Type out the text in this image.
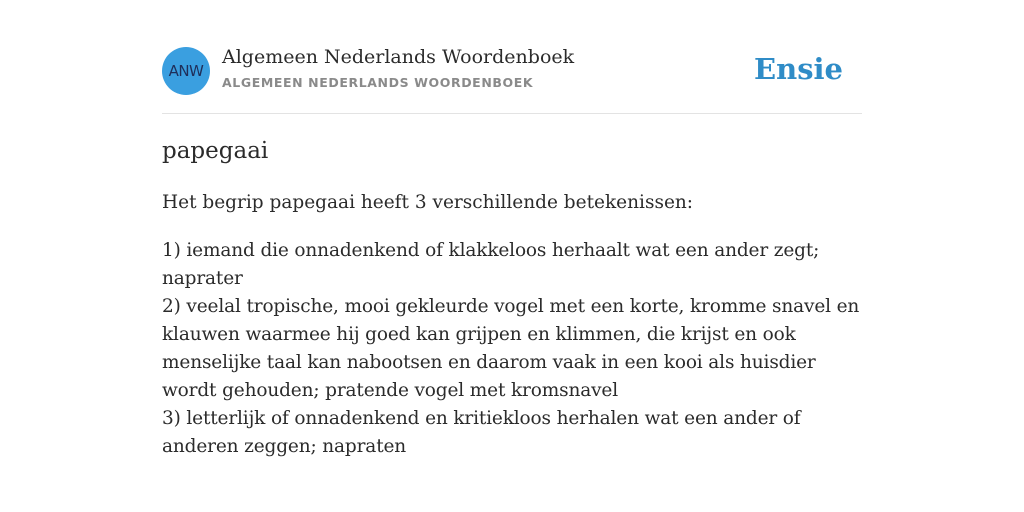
ANW
Algemeen Nederlands Woordenboek
ALGEMEEN NEDERLANDS WOORDENBOEK	Ensie
papegaai
Het begrip papegaai heeft 3 verschillende betekenissen:
1) iemand die onnadenkend of klakkeloos herhaalt wat een ander zegt; naprater
2) veelal tropische, mooi gekleurde vogel met een korte, kromme snavel en klauwen waarmee hij goed kan grijpen en klimmen, die krijst en ook menselijke taal kan nabootsen en daarom vaak in een kooi als huisdier wordt gehouden; pratende vogel met kromsnavel
3) letterlijk of onnadenkend en kritiekloos herhalen wat een ander of anderen zeggen; napraten
